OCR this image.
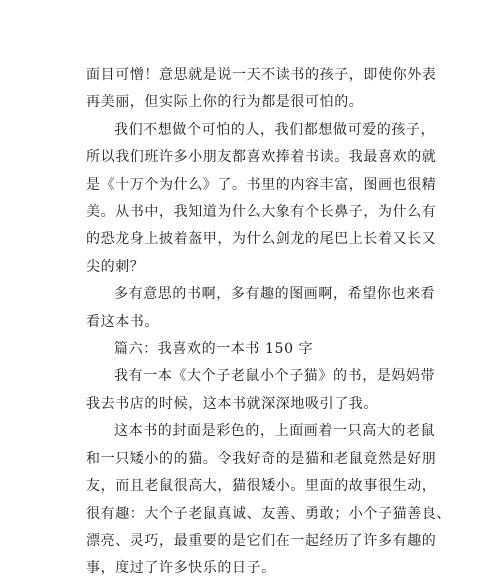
面目可憎！意思就是说一天不读书的孩子，即使你外表
再美丽，但实际上你的行为都是很可怕的。

我们不想做个可怕的人，我们都想做可爱的孩子，
所以我们班许多小朋友都喜欢捧着书读。我最喜欢的就
是《十万个为什么》了。书里的内容丰富，图画也很精
美。从书中，我知道为什么大象有个长鼻子，为什么有
的恐龙身上披着盔甲，为什么剑龙的尾巴上长着又长又
尖的刺？

多有意思的书啊，多有趣的图画啊，希望你也来看
看这本书。

篇六：我喜欢的一本书 150 字

我有一本《大个子老鼠小个子猫》的书，是妈妈带
我去书店的时候，这本书就深深地吸引了我。

这本书的封面是彩色的，上面画着一只高大的老鼠
和一只矮小的的猫。令我好奇的是猫和老鼠竟然是好朋
友，而且老鼠很高大，猫很矮小。里面的故事很生动，
很有趣：大个子老鼠真诚、友善、勇敢；小个子猫善良、
漂亮、灵巧，最重要的是它们在一起经历了许多有趣的
事，度过了许多快乐的日子。
